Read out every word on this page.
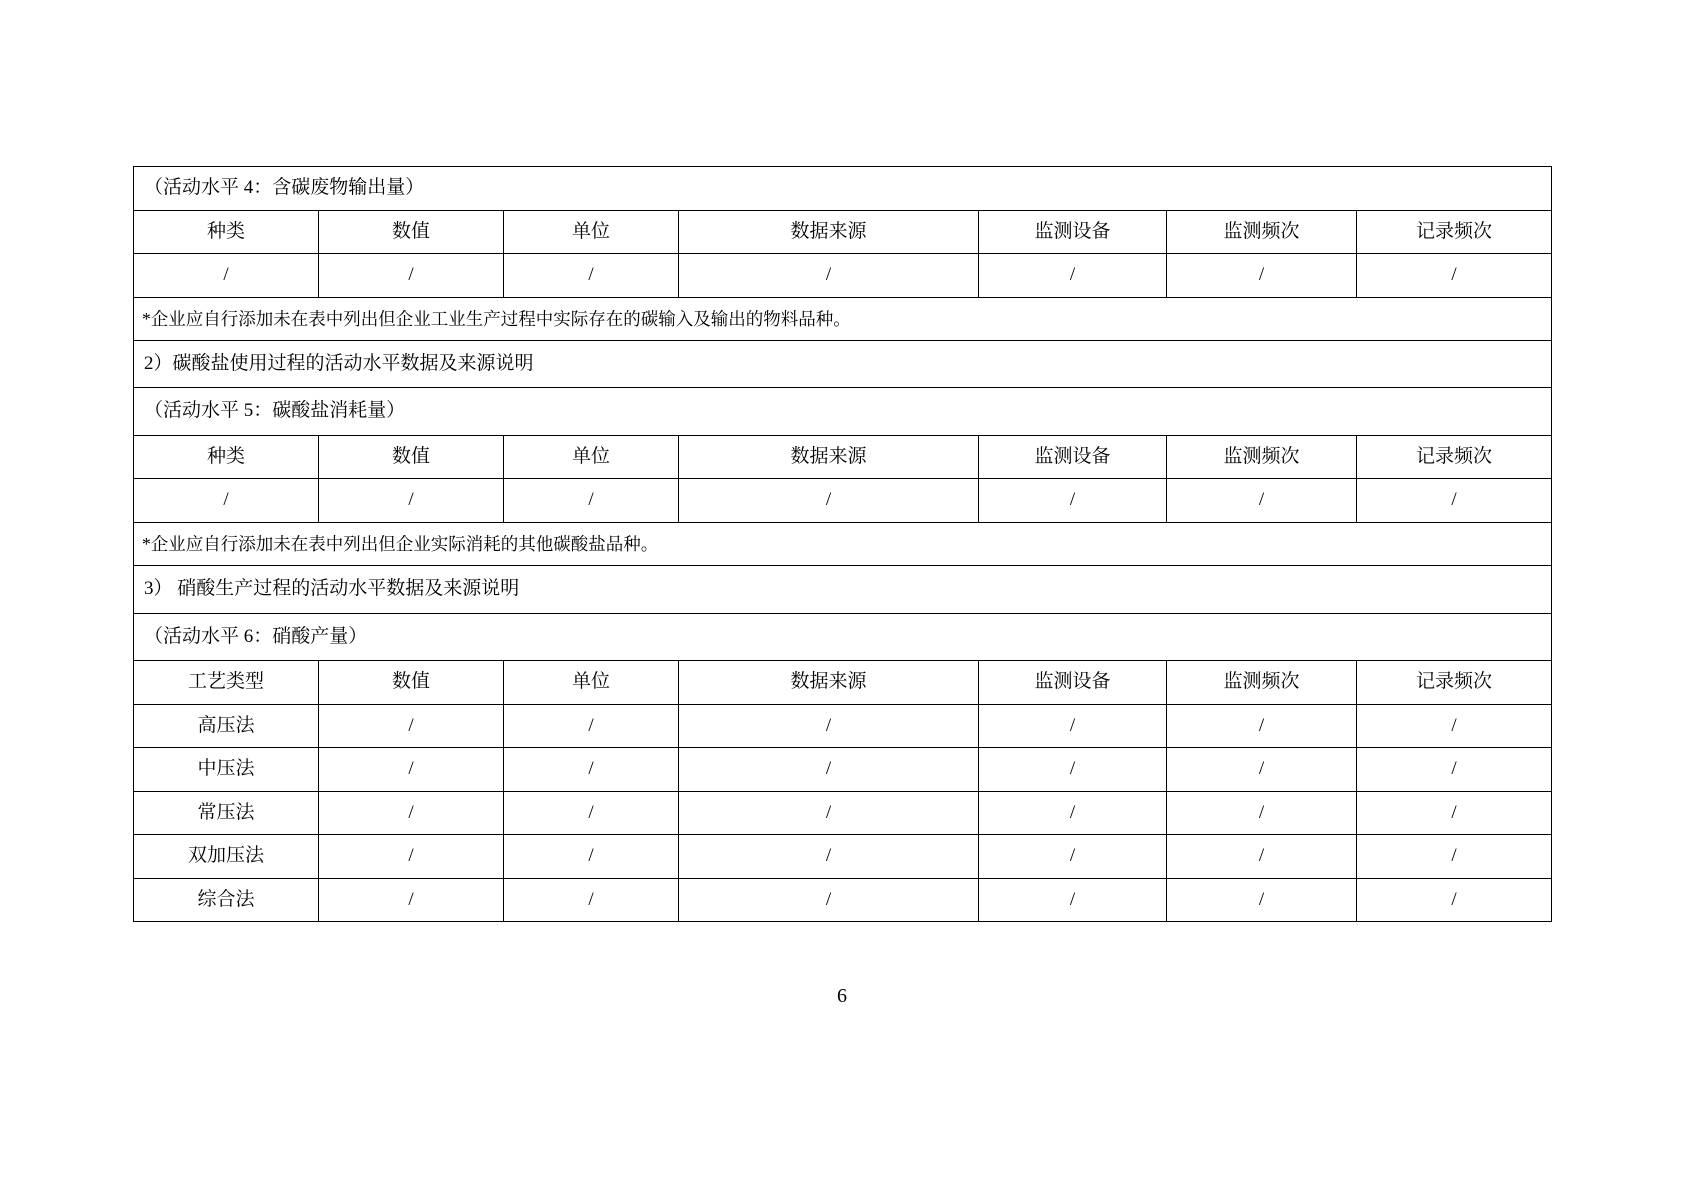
（活动水平 4：含碳废物输出量）						
种类	数值	单位	数据来源	监测设备	监测频次	记录频次
/	/	/	/	/	/	/
*企业应自行添加未在表中列出但企业工业生产过程中实际存在的碳输入及输出的物料品种。						
2）碳酸盐使用过程的活动水平数据及来源说明						
（活动水平 5：碳酸盐消耗量）						
种类	数值	单位	数据来源	监测设备	监测频次	记录频次
/	/	/	/	/	/	/
*企业应自行添加未在表中列出但企业实际消耗的其他碳酸盐品种。						
3） 硝酸生产过程的活动水平数据及来源说明						
（活动水平 6：硝酸产量）						
工艺类型	数值	单位	数据来源	监测设备	监测频次	记录频次
高压法	/	/	/	/	/	/
中压法	/	/	/	/	/	/
常压法	/	/	/	/	/	/
双加压法	/	/	/	/	/	/
综合法	/	/	/	/	/	/
6
